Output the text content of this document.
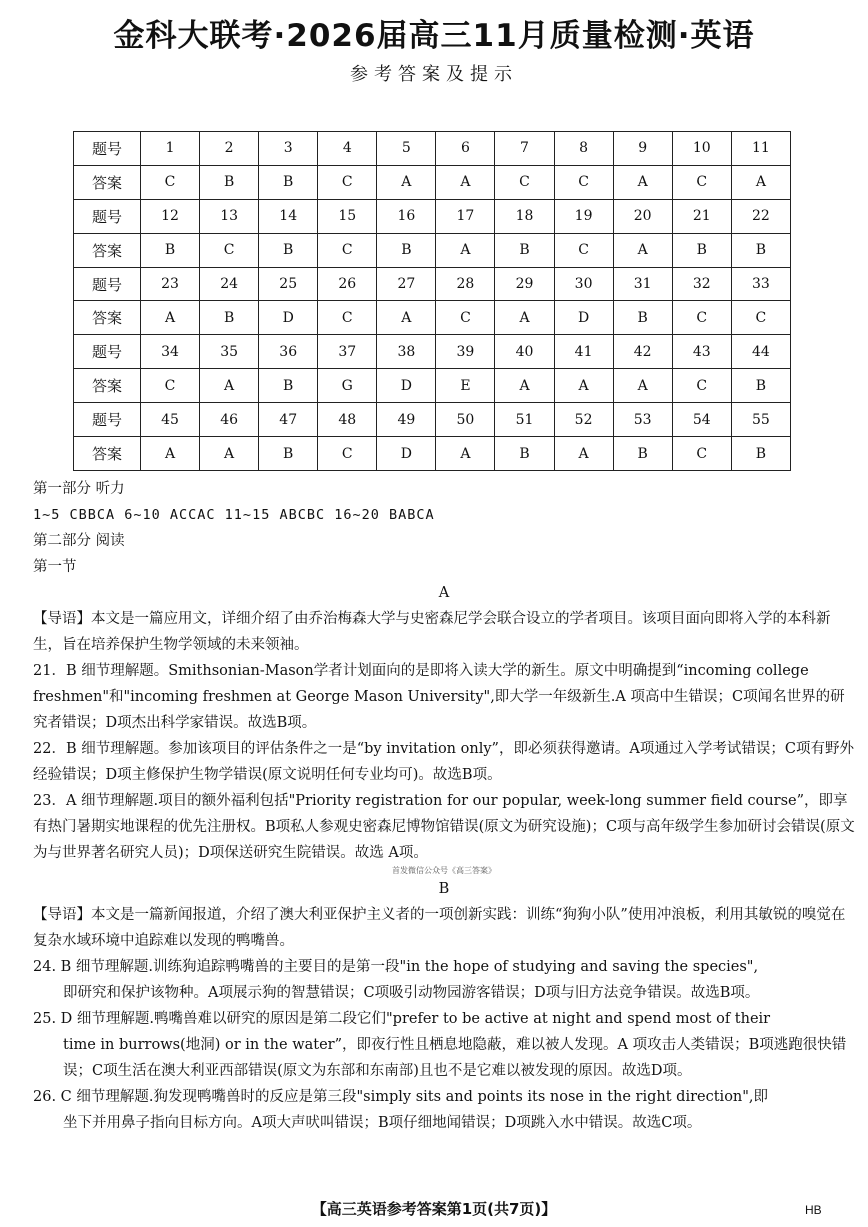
金科大联考·2026届高三11月质量检测·英语
参考答案及提示
题号	1	2	3	4	5	6	7	8	9	10	11
答案	C	B	B	C	A	A	C	C	A	C	A
题号	12	13	14	15	16	17	18	19	20	21	22
答案	B	C	B	C	B	A	B	C	A	B	B
题号	23	24	25	26	27	28	29	30	31	32	33
答案	A	B	D	C	A	C	A	D	B	C	C
题号	34	35	36	37	38	39	40	41	42	43	44
答案	C	A	B	G	D	E	A	A	A	C	B
题号	45	46	47	48	49	50	51	52	53	54	55
答案	A	A	B	C	D	A	B	A	B	C	B

第一部分 听力

1~5 CBBCA 6~10 ACCAC 11~15 ABCBC 16~20 BABCA

第二部分 阅读

第一节

A

【导语】本文是一篇应用文，详细介绍了由乔治梅森大学与史密森尼学会联合设立的学者项目。该项目面向即将入学的本科新生，旨在培养保护生物学领域的未来领袖。

21．B 细节理解题。Smithsonian-Mason学者计划面向的是即将入读大学的新生。原文中明确提到“incoming college freshmen"和"incoming freshmen at George Mason University",即大学一年级新生.A 项高中生错误；C项闻名世界的研究者错误；D项杰出科学家错误。故选B项。

22．B 细节理解题。参加该项目的评估条件之一是“by invitation only”，即必须获得邀请。A项通过入学考试错误；C项有野外经验错误；D项主修保护生物学错误(原文说明任何专业均可)。故选B项。

23．A 细节理解题.项目的额外福利包括"Priority registration for our popular, week-long summer field course”，即享有热门暑期实地课程的优先注册权。B项私人参观史密森尼博物馆错误(原文为研究设施)；C项与高年级学生参加研讨会错误(原文为与世界著名研究人员)；D项保送研究生院错误。故选 A项。

首发微信公众号《高三答案》

B

【导语】本文是一篇新闻报道，介绍了澳大利亚保护主义者的一项创新实践：训练“狗狗小队”使用冲浪板，利用其敏锐的嗅觉在复杂水域环境中追踪难以发现的鸭嘴兽。

24. B 细节理解题.训练狗追踪鸭嘴兽的主要目的是第一段"in the hope of studying and saving the species",

即研究和保护该物种。A项展示狗的智慧错误；C项吸引动物园游客错误；D项与旧方法竞争错误。故选B项。

25. D 细节理解题.鸭嘴兽难以研究的原因是第二段它们"prefer to be active at night and spend most of their

time in burrows(地洞) or in the water”，即夜行性且栖息地隐蔽，难以被人发现。A 项攻击人类错误；B项逃跑很快错误；C项生活在澳大利亚西部错误(原文为东部和东南部)且也不是它难以被发现的原因。故选D项。

26. C 细节理解题.狗发现鸭嘴兽时的反应是第三段"simply sits and points its nose in the right direction",即

坐下并用鼻子指向目标方向。A项大声吠叫错误；B项仔细地闻错误；D项跳入水中错误。故选C项。

【高三英语参考答案第1页(共7页)】	HB
